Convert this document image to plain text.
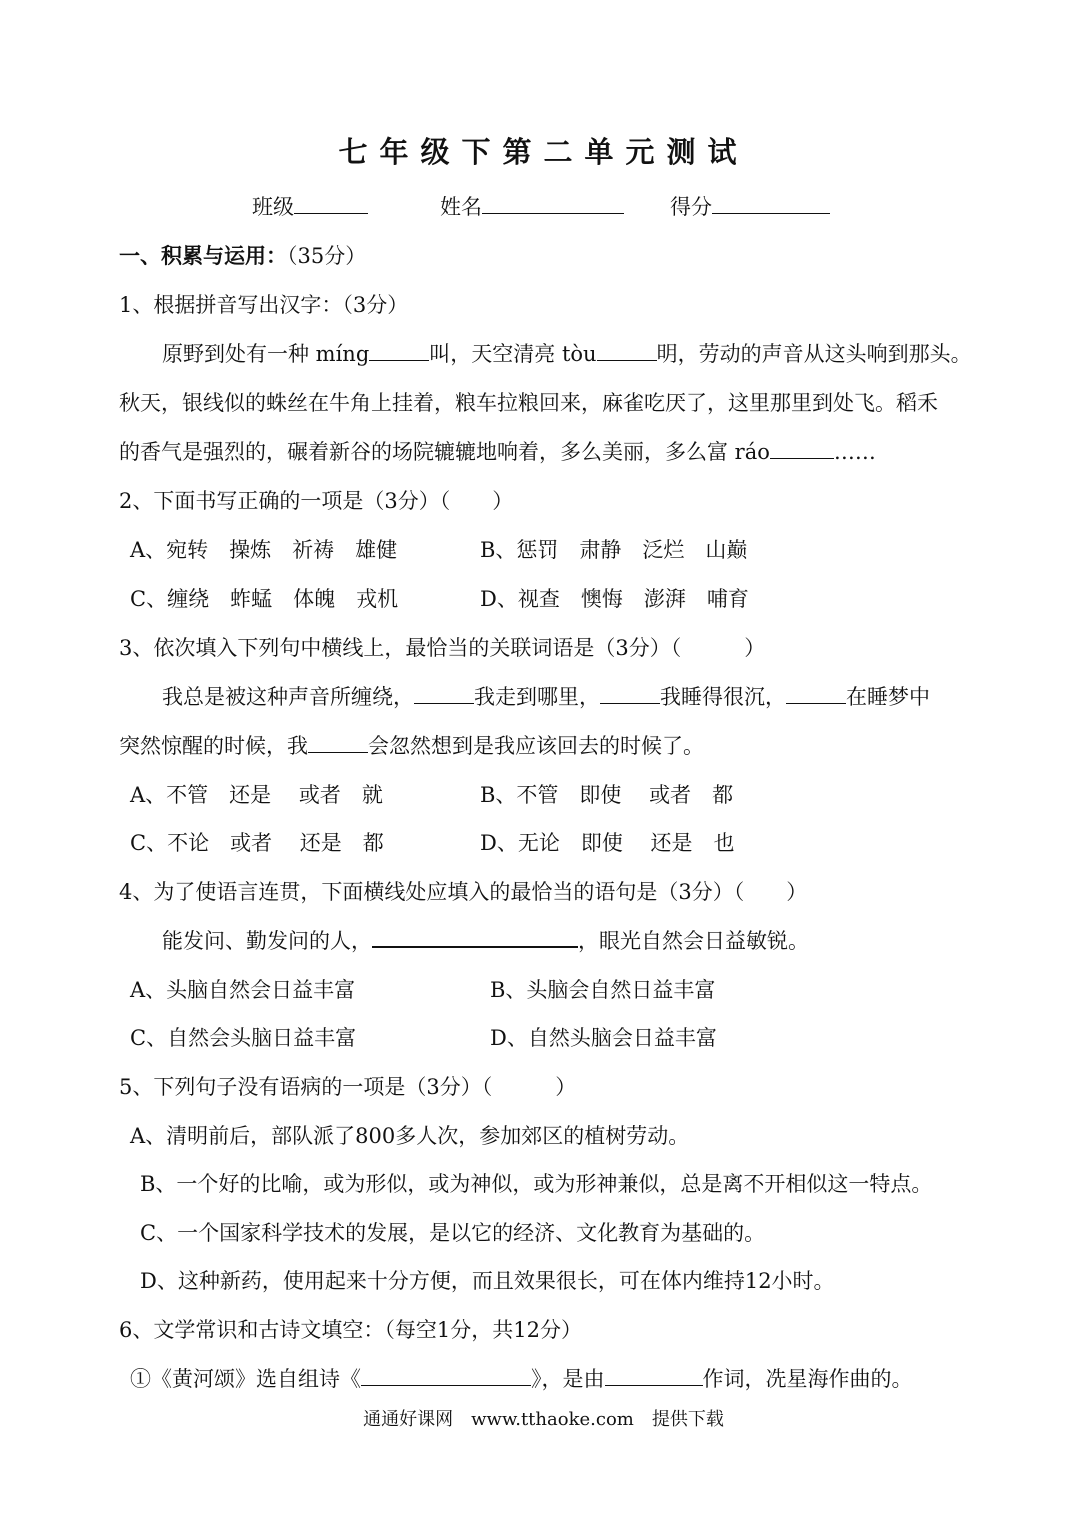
七年级下第二单元测试
班级	姓名	得分
一、积累与运用：（35分）
1、根据拼音写出汉字：（3分）
原野到处有一种 míng	叫，天空清亮 tòu	明，劳动的声音从这头响到那头。
秋天，银线似的蛛丝在牛角上挂着，粮车拉粮回来，麻雀吃厌了，这里那里到处飞。稻禾
的香气是强烈的，碾着新谷的场院辘辘地响着，多么美丽，多么富 ráo	……
2、下面书写正确的一项是（3分）（　　）
A、宛转　操炼　祈祷　雄健	B、惩罚　肃静　泛烂　山巅
C、缠绕　蚱蜢　体魄　戎机	D、视查　懊悔　澎湃　哺育
3、依次填入下列句中横线上，最恰当的关联词语是（3分）（　　　）
我总是被这种声音所缠绕，	我走到哪里，	我睡得很沉，	在睡梦中
突然惊醒的时候，我	会忽然想到是我应该回去的时候了。
A、不管　还是　 或者　就	B、不管　即使　 或者　都
C、不论　或者　 还是　都	D、无论　即使　 还是　也
4、为了使语言连贯，下面横线处应填入的最恰当的语句是（3分）（　　）
能发问、勤发问的人，	，眼光自然会日益敏锐。
A、头脑自然会日益丰富	B、头脑会自然日益丰富
C、自然会头脑日益丰富	D、自然头脑会日益丰富
5、下列句子没有语病的一项是（3分）（　　　）
A、清明前后，部队派了800多人次，参加郊区的植树劳动。
B、一个好的比喻，或为形似，或为神似，或为形神兼似，总是离不开相似这一特点。
C、一个国家科学技术的发展，是以它的经济、文化教育为基础的。
D、这种新药，使用起来十分方便，而且效果很长，可在体内维持12小时。
6、文学常识和古诗文填空：（每空1分，共12分）
①《黄河颂》选自组诗《	》，是由	作词，冼星海作曲的。
通通好课网　www.tthaoke.com　提供下载
